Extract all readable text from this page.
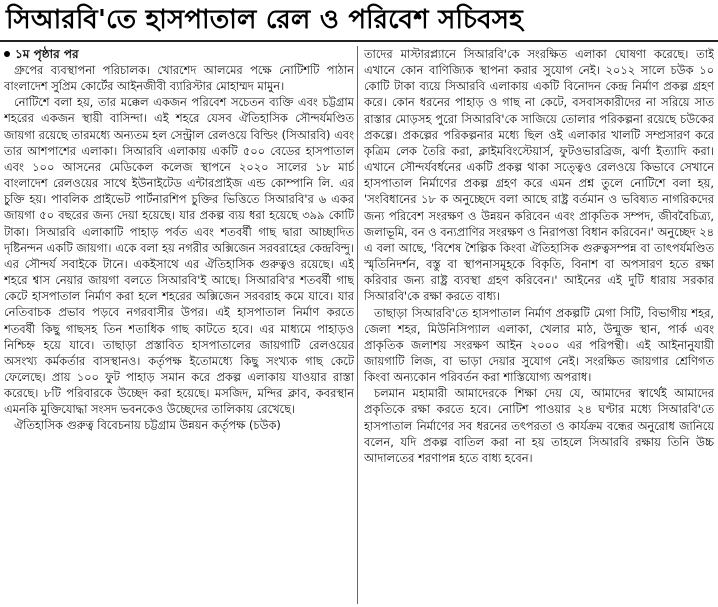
সিআরবি'তে হাসপাতাল রেল ও পরিবেশ সচিবসহ
১ম পৃষ্ঠার পর

গ্রুপের ব্যবস্থাপনা পরিচালক। খোরশেদ আলমের পক্ষে নোটিশটি পাঠান বাংলাদেশ সুপ্রিম কোর্টের আইনজীবী ব্যারিস্টার মোহাম্মদ মামুন।

নোটিশে বলা হয়, তার মক্কেল একজন পরিবেশ সচেতন ব্যক্তি এবং চট্টগ্রাম শহরের একজন স্থায়ী বাসিন্দা। এই শহরে যেসব ঐতিহাসিক সৌন্দর্যমণ্ডিত জায়গা রয়েছে তারমধ্যে অন্যতম হল সেন্ট্রাল রেলওয়ে বিল্ডিং (সিআরবি) এবং তার আশপাশের এলাকা। সিআরবি এলাকায় একটি ৫০০ বেডের হাসপাতাল এবং ১০০ আসনের মেডিকেল কলেজ স্থাপনে ২০২০ সালের ১৮ মার্চ বাংলাদেশ রেলওয়ের সাথে ইউনাইটেড এন্টারপ্রাইজ এন্ড কোম্পানি লি. এর চুক্তি হয়। পাবলিক প্রাইভেট পার্টনারশিপ চুক্তির ভিত্তিতে সিআরবি'র ৬ একর জায়গা ৫০ বছরের জন্য দেয়া হয়েছে। যার প্রকল্প ব্যয় ধরা হয়েছে ৩৯৯ কোটি টাকা। সিআরবি এলাকাটি পাহাড় পর্বত এবং শতবর্ষী গাছ দ্বারা আচ্ছাদিত দৃষ্টিনন্দন একটি জায়গা। একে বলা হয় নগরীর অক্সিজেন সরবরাহের কেন্দ্রবিন্দু। এর সৌন্দর্য সবাইকে টানে। একইসাথে এর ঐতিহাসিক গুরুত্বও রয়েছে। এই শহরে শ্বাস নেয়ার জায়গা বলতে সিআরবি'ই আছে। সিআরবি'র শতবর্ষী গাছ কেটে হাসপাতাল নির্মাণ করা হলে শহরের অক্সিজেন সরবরাহ কমে যাবে। যার নেতিবাচক প্রভাব পড়বে নগরবাসীর উপর। এই হাসপাতাল নির্মাণ করতে শতবর্ষী কিছু গাছসহ তিন শতাধিক গাছ কাটতে হবে। এর মাধ্যমে পাহাড়ও নিশ্চিহ্ন হয়ে যাবে। তাছাড়া প্রস্তাবিত হাসপাতালের জায়গাটি রেলওয়ের অসংখ্য কর্মকর্তার বাসস্থানও। কর্তৃপক্ষ ইতোমধ্যে কিছু সংখ্যক গাছ কেটে ফেলেছে। প্রায় ১০০ ফুট পাহাড় সমান করে প্রকল্প এলাকায় যাওয়ার রাস্তা করেছে। ৮টি পরিবারকে উচ্ছেদ করা হয়েছে। মসজিদ, মন্দির ক্লাব, কবরস্থান এমনকি মুক্তিযোদ্ধা সংসদ ভবনকেও উচ্ছেদের তালিকায় রেখেছে।

ঐতিহাসিক গুরুত্ব বিবেচনায় চট্টগ্রাম উন্নয়ন কর্তৃপক্ষ (চউক)

তাদের মাস্টারপ্ল্যানে সিআরবি'কে সংরক্ষিত এলাকা ঘোষণা করেছে। তাই এখানে কোন বাণিজ্যিক স্থাপনা করার সুযোগ নেই। ২০১২ সালে চউক ১০ কোটি টাকা ব্যয়ে সিআরবি এলাকায় একটি বিনোদন কেন্দ্র নির্মাণ প্রকল্প গ্রহণ করে। কোন ধরনের পাহাড় ও গাছ না কেটে, বসবাসকারীদের না সরিয়ে সাত রাস্তার মোড়সহ পুরো সিআরবি'কে সাজিয়ে তোলার পরিকল্পনা রয়েছে চউকের প্রকল্পে। প্রকল্পের পরিকল্পনার মধ্যে ছিল ওই এলাকার খালটি সম্প্রসারণ করে কৃত্রিম লেক তৈরি করা, ক্লাইমবিংস্টেয়ার্স, ফুটওভারব্রিজ, ঝর্ণা ইত্যাদি করা। এখানে সৌন্দর্যবর্ধনের একটি প্রকল্প থাকা সত্ত্বেও রেলওয়ে কিভাবে সেখানে হাসপাতাল নির্মাণের প্রকল্প গ্রহণ করে এমন প্রশ্ন তুলে নোটিশে বলা হয়, 'সংবিধানের ১৮ ক অনুচ্ছেদে বলা আছে রাষ্ট্র বর্তমান ও ভবিষ্যত নাগরিকদের জন্য পরিবেশ সংরক্ষণ ও উন্নয়ন করিবেন এবং প্রাকৃতিক সম্পদ, জীববৈচিত্র্য, জলাভূমি, বন ও বন্যপ্রাণির সংরক্ষণ ও নিরাপত্তা বিধান করিবেন।' অনুচ্ছেদ ২৪ এ বলা আছে, 'বিশেষ শৈল্পিক কিংবা ঐতিহাসিক গুরুত্বসম্পন্ন বা তাৎপর্যমণ্ডিত স্মৃতিনিদর্শন, বস্তু বা স্থাপনাসমূহকে বিকৃতি, বিনাশ বা অপসারণ হতে রক্ষা করিবার জন্য রাষ্ট্র ব্যবস্থা গ্রহণ করিবেন।' আইনের এই দুটি ধারায় সরকার সিআরবি'কে রক্ষা করতে বাধ্য।

তাছাড়া সিআরবি'তে হাসপাতাল নির্মাণ প্রকল্পটি মেগা সিটি, বিভাগীয় শহর, জেলা শহর, মিউনিসিপ্যাল এলাকা, খেলার মাঠ, উন্মুক্ত স্থান, পার্ক এবং প্রাকৃতিক জলাশয় সংরক্ষণ আইন ২০০০ এর পরিপন্থী। এই আইনানুযায়ী জায়গাটি লিজ, বা ভাড়া দেয়ার সুযোগ নেই। সংরক্ষিত জায়গার শ্রেণিগত কিংবা অন্যকোন পরিবর্তন করা শাস্তিযোগ্য অপরাধ।

চলমান মহামারী আমাদেরকে শিক্ষা দেয় যে, আমাদের স্বার্থেই আমাদের প্রকৃতিকে রক্ষা করতে হবে। নোটিশ পাওয়ার ২৪ ঘণ্টার মধ্যে সিআরবি'তে হাসপাতাল নির্মাণের সব ধরনের তৎপরতা ও কার্যক্রম বন্ধের অনুরোধ জানিয়ে বলেন, যদি প্রকল্প বাতিল করা না হয় তাহলে সিআরবি রক্ষায় তিনি উচ্চ আদালতের শরণাপন্ন হতে বাধ্য হবেন।
